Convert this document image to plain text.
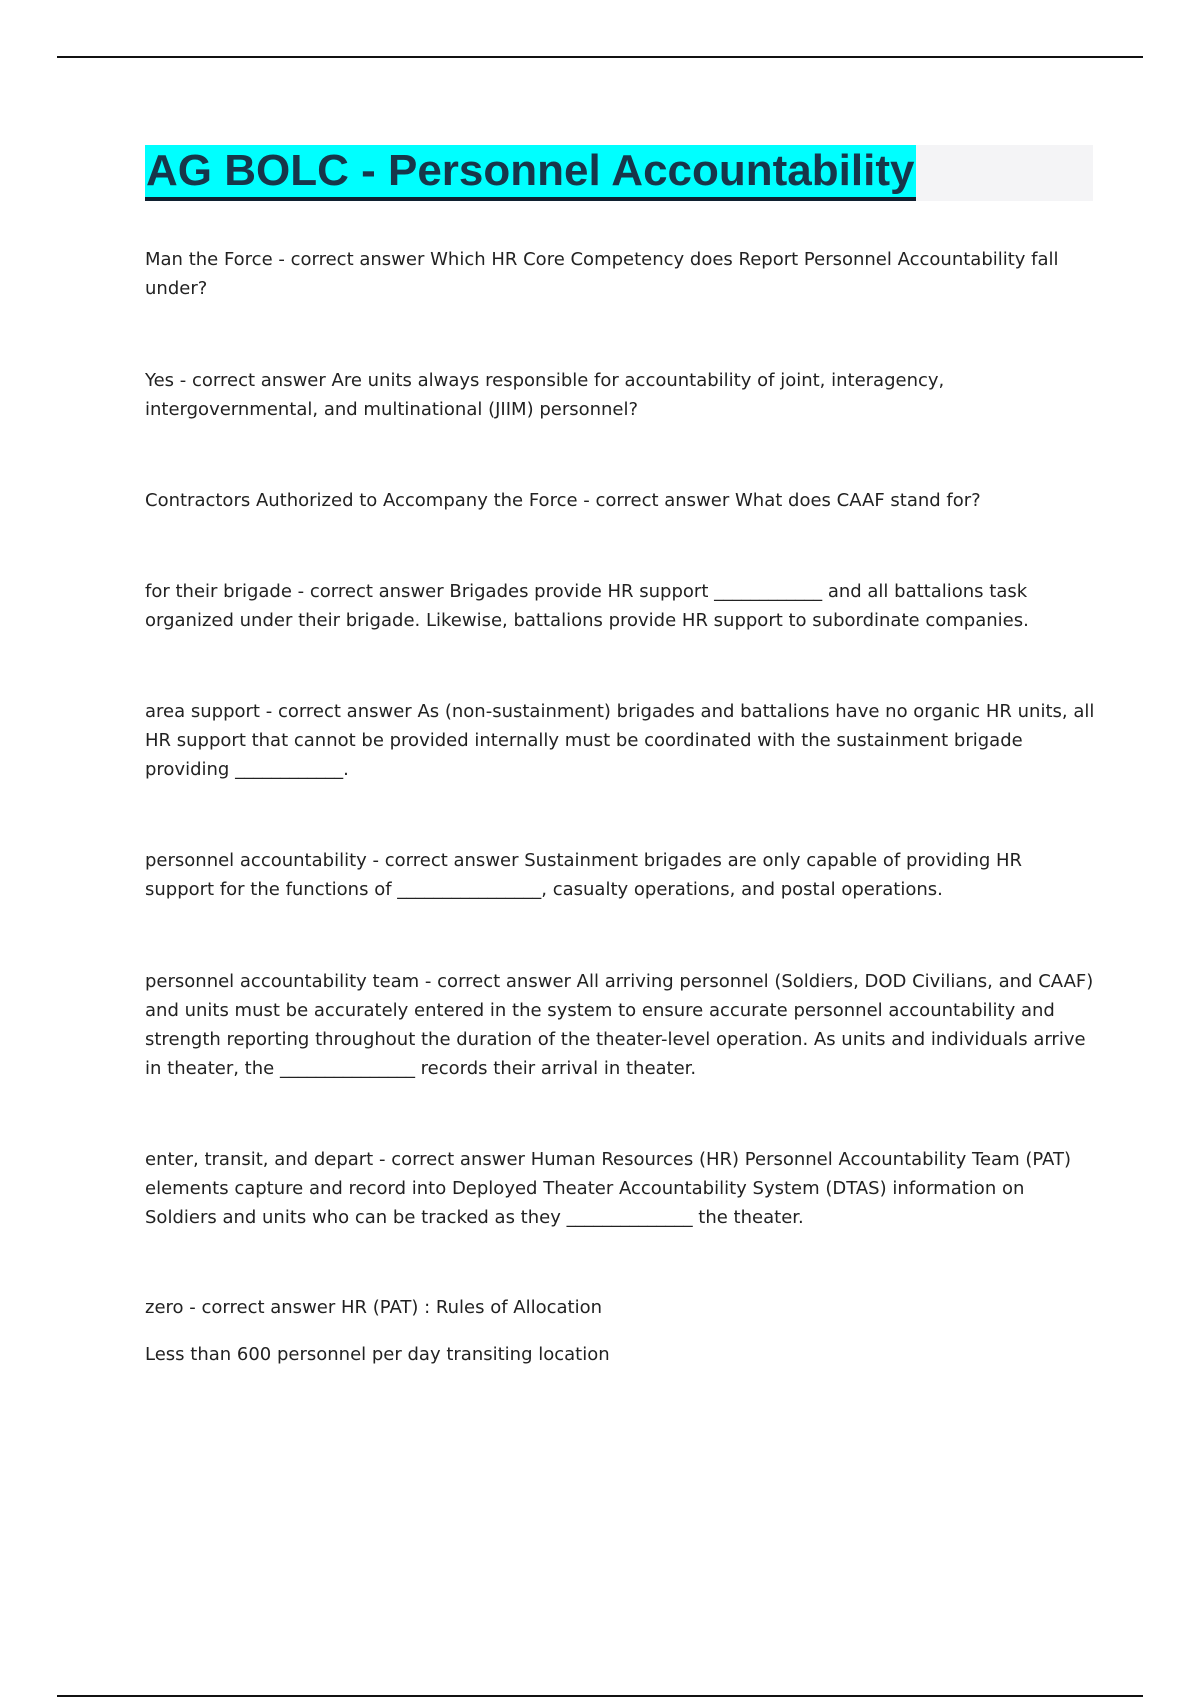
AG BOLC - Personnel Accountability

Man the Force - correct answer Which HR Core Competency does Report Personnel Accountability fall under?

Yes - correct answer Are units always responsible for accountability of joint, interagency, intergovernmental, and multinational (JIIM) personnel?

Contractors Authorized to Accompany the Force - correct answer What does CAAF stand for?

for their brigade - correct answer Brigades provide HR support ____________ and all battalions task organized under their brigade. Likewise, battalions provide HR support to subordinate companies.

area support - correct answer As (non-sustainment) brigades and battalions have no organic HR units, all HR support that cannot be provided internally must be coordinated with the sustainment brigade providing ____________.

personnel accountability - correct answer Sustainment brigades are only capable of providing HR support for the functions of ________________, casualty operations, and postal operations.

personnel accountability team - correct answer All arriving personnel (Soldiers, DOD Civilians, and CAAF) and units must be accurately entered in the system to ensure accurate personnel accountability and strength reporting throughout the duration of the theater-level operation. As units and individuals arrive in theater, the _______________ records their arrival in theater.

enter, transit, and depart - correct answer Human Resources (HR) Personnel Accountability Team (PAT) elements capture and record into Deployed Theater Accountability System (DTAS) information on Soldiers and units who can be tracked as they ______________ the theater.

zero - correct answer HR (PAT) : Rules of Allocation

Less than 600 personnel per day transiting location
